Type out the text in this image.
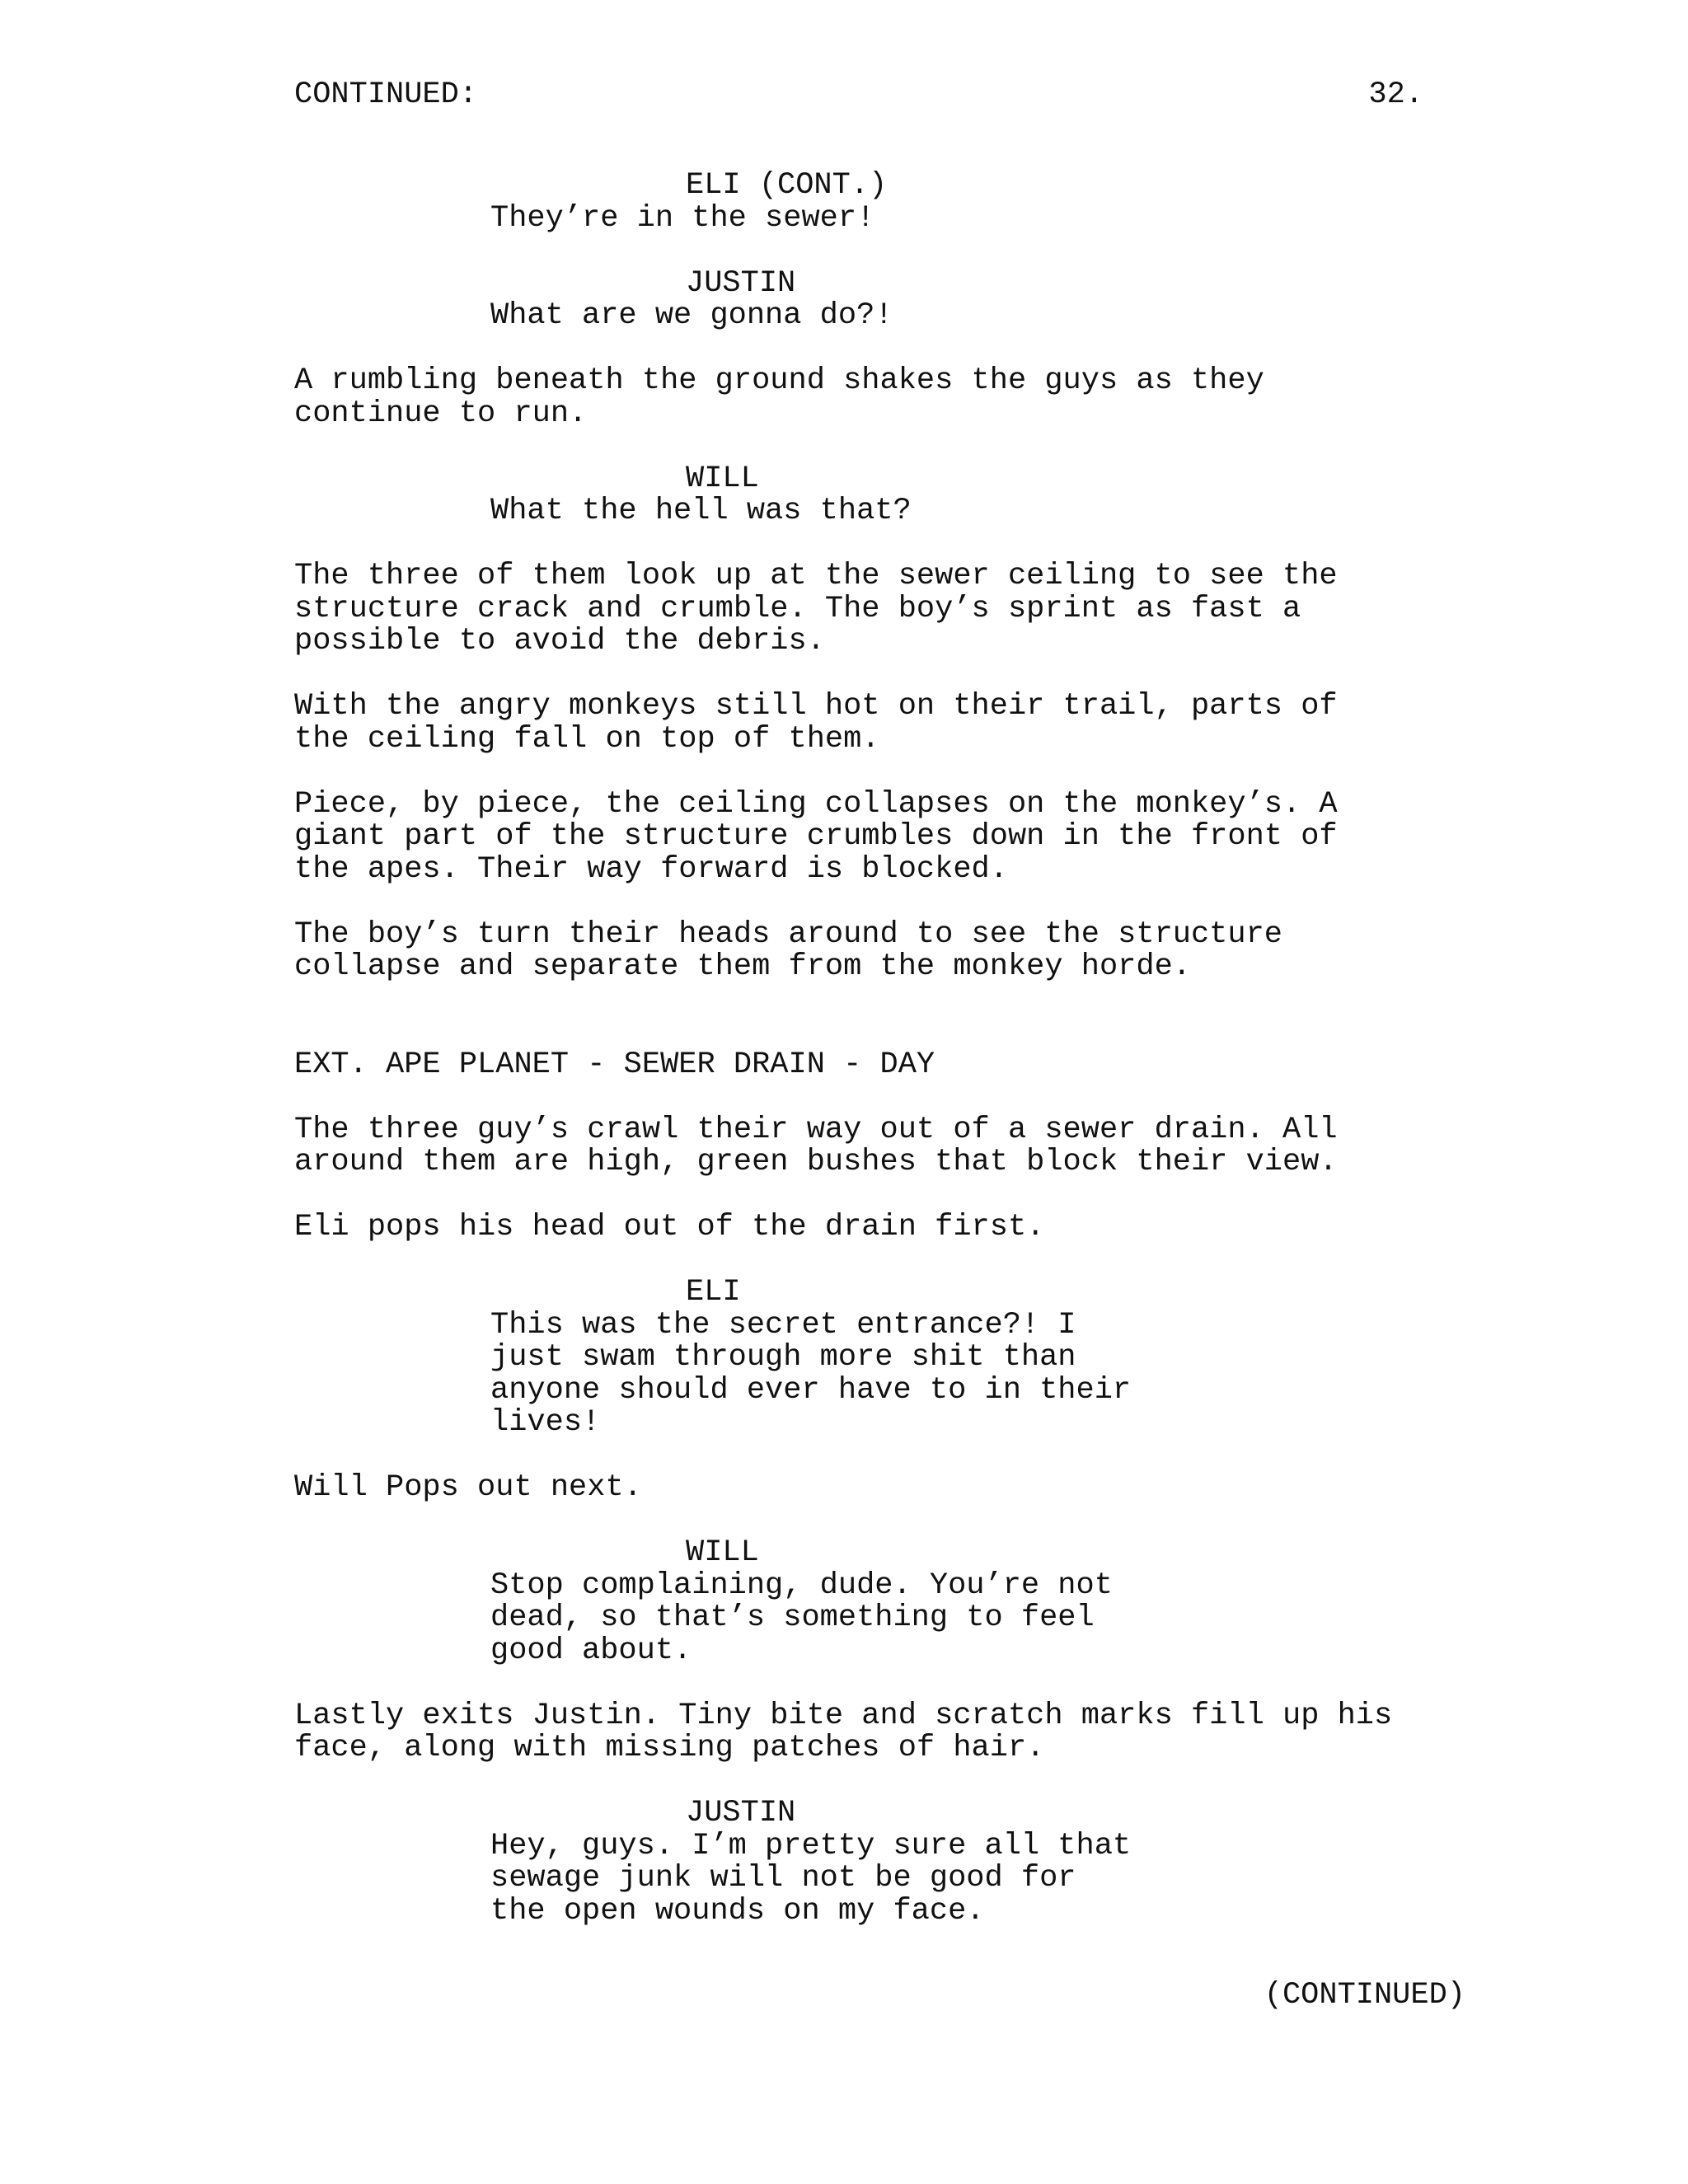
CONTINUED:	32.
ELI (CONT.)
They’re in the sewer!
JUSTIN
What are we gonna do?!
A rumbling beneath the ground shakes the guys as they
continue to run.
WILL
What the hell was that?
The three of them look up at the sewer ceiling to see the
structure crack and crumble. The boy’s sprint as fast a
possible to avoid the debris.
With the angry monkeys still hot on their trail, parts of
the ceiling fall on top of them.
Piece, by piece, the ceiling collapses on the monkey’s. A
giant part of the structure crumbles down in the front of
the apes. Their way forward is blocked.
The boy’s turn their heads around to see the structure
collapse and separate them from the monkey horde.
EXT. APE PLANET - SEWER DRAIN - DAY
The three guy’s crawl their way out of a sewer drain. All
around them are high, green bushes that block their view.
Eli pops his head out of the drain first.
ELI
This was the secret entrance?! I
just swam through more shit than
anyone should ever have to in their
lives!
Will Pops out next.
WILL
Stop complaining, dude. You’re not
dead, so that’s something to feel
good about.
Lastly exits Justin. Tiny bite and scratch marks fill up his
face, along with missing patches of hair.
JUSTIN
Hey, guys. I’m pretty sure all that
sewage junk will not be good for
the open wounds on my face.
(CONTINUED)
